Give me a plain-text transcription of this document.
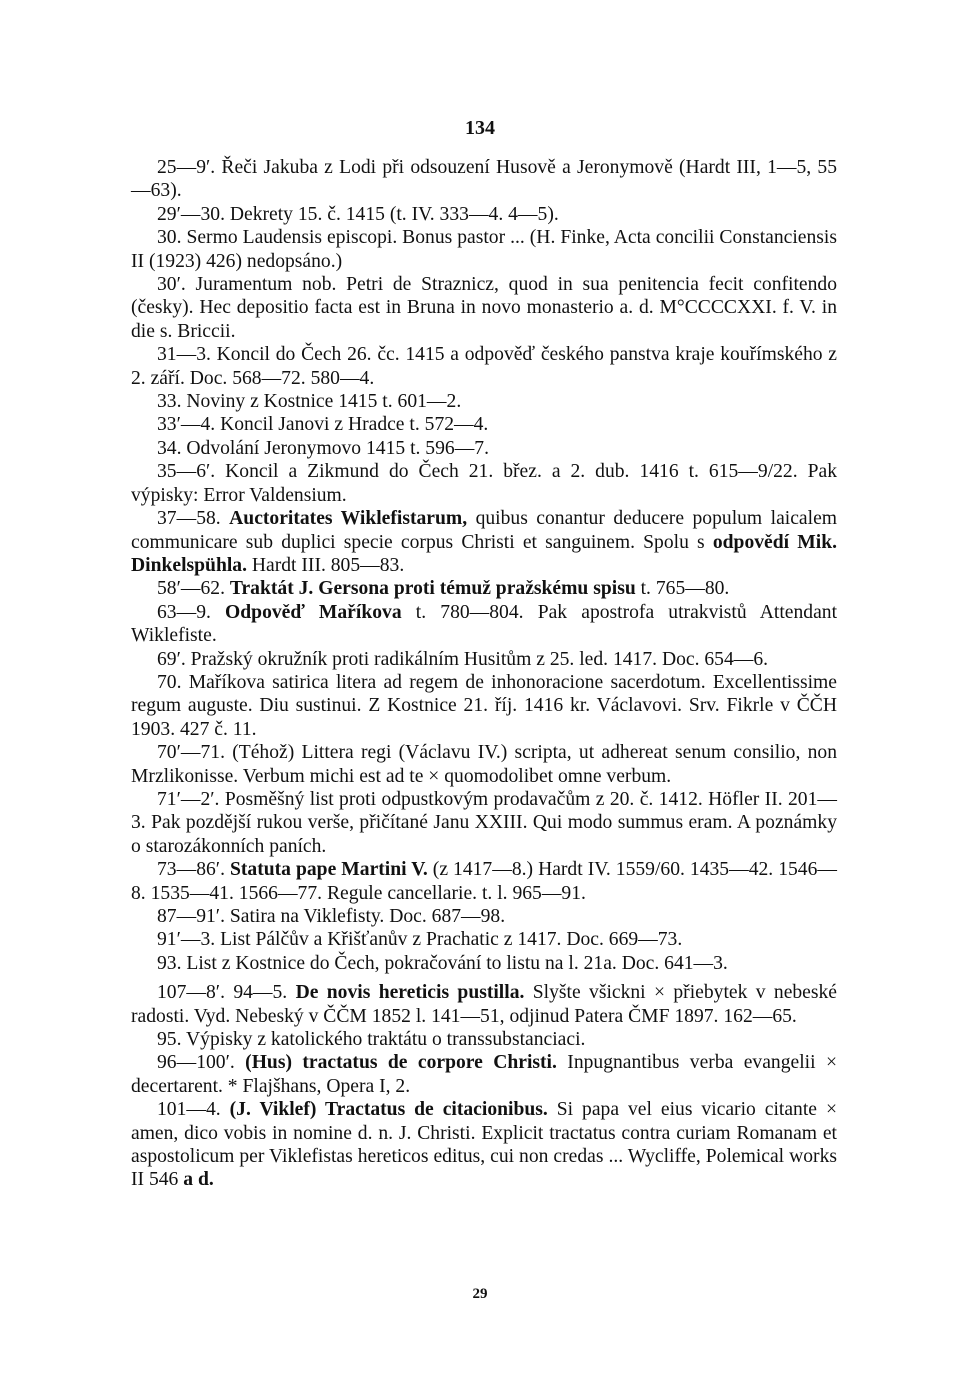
134

25—9′. Řeči Jakuba z Lodi při odsouzení Husově a Jeronymově (Hardt III, 1—5, 55—63).

29′—30. Dekrety 15. č. 1415 (t. IV. 333—4. 4—5).

30. Sermo Laudensis episcopi. Bonus pastor ... (H. Finke, Acta concilii Constanciensis II (1923) 426) nedopsáno.)

30′. Juramentum nob. Petri de Straznicz, quod in sua penitencia fecit confitendo (česky). Hec depositio facta est in Bruna in novo monasterio a. d. M°CCCCXXI. f. V. in die s. Briccii.

31—3. Koncil do Čech 26. čc. 1415 a odpověď českého panstva kraje kouřímského z 2. září. Doc. 568—72. 580—4.

33. Noviny z Kostnice 1415 t. 601—2.

33′—4. Koncil Janovi z Hradce t. 572—4.

34. Odvolání Jeronymovo 1415 t. 596—7.

35—6′. Koncil a Zikmund do Čech 21. břez. a 2. dub. 1416 t. 615—9/22. Pak výpisky: Error Valdensium.

37—58. Auctoritates Wiklefistarum, quibus conantur deducere populum laicalem communicare sub duplici specie corpus Christi et sanguinem. Spolu s odpovědí Mik. Dinkelspühla. Hardt III. 805—83.

58′—62. Traktát J. Gersona proti témuž pražskému spisu t. 765—80.

63—9. Odpověď Maříkova t. 780—804. Pak apostrofa utrakvistů Attendant Wiklefiste.

69′. Pražský okružník proti radikálním Husitům z 25. led. 1417. Doc. 654—6.

70. Maříkova satirica litera ad regem de inhonoracione sacerdotum. Excellentissime regum auguste. Diu sustinui. Z Kostnice 21. říj. 1416 kr. Václavovi. Srv. Fikrle v ČČH 1903. 427 č. 11.

70′—71. (Téhož) Littera regi (Václavu IV.) scripta, ut adhereat senum consilio, non Mrzlikonisse. Verbum michi est ad te × quomodolibet omne verbum.

71′—2′. Posměšný list proti odpustkovým prodavačům z 20. č. 1412. Höfler II. 201—3. Pak pozdější rukou verše, přičítané Janu XXIII. Qui modo summus eram. A poznámky o starozákonních paních.

73—86′. Statuta pape Martini V. (z 1417—8.) Hardt IV. 1559/60. 1435—42. 1546—8. 1535—41. 1566—77. Regule cancellarie. t. l. 965—91.

87—91′. Satira na Viklefisty. Doc. 687—98.

91′—3. List Pálčův a Křišťanův z Prachatic z 1417. Doc. 669—73.

93. List z Kostnice do Čech, pokračování to listu na l. 21a. Doc. 641—3.

107—8′. 94—5. De novis hereticis pustilla. Slyšte všickni × přiebytek v nebeské radosti. Vyd. Nebeský v ČČM 1852 l. 141—51, odjinud Patera ČMF 1897. 162—65.

95. Výpisky z katolického traktátu o transsubstanciaci.

96—100′. (Hus) tractatus de corpore Christi. Inpugnantibus verba evangelii × decertarent. * Flajšhans, Opera I, 2.

101—4. (J. Viklef) Tractatus de citacionibus. Si papa vel eius vicario citante × amen, dico vobis in nomine d. n. J. Christi. Explicit tractatus contra curiam Romanam et aspostolicum per Viklefistas hereticos editus, cui non credas ... Wycliffe, Polemical works II 546 a d.

29
